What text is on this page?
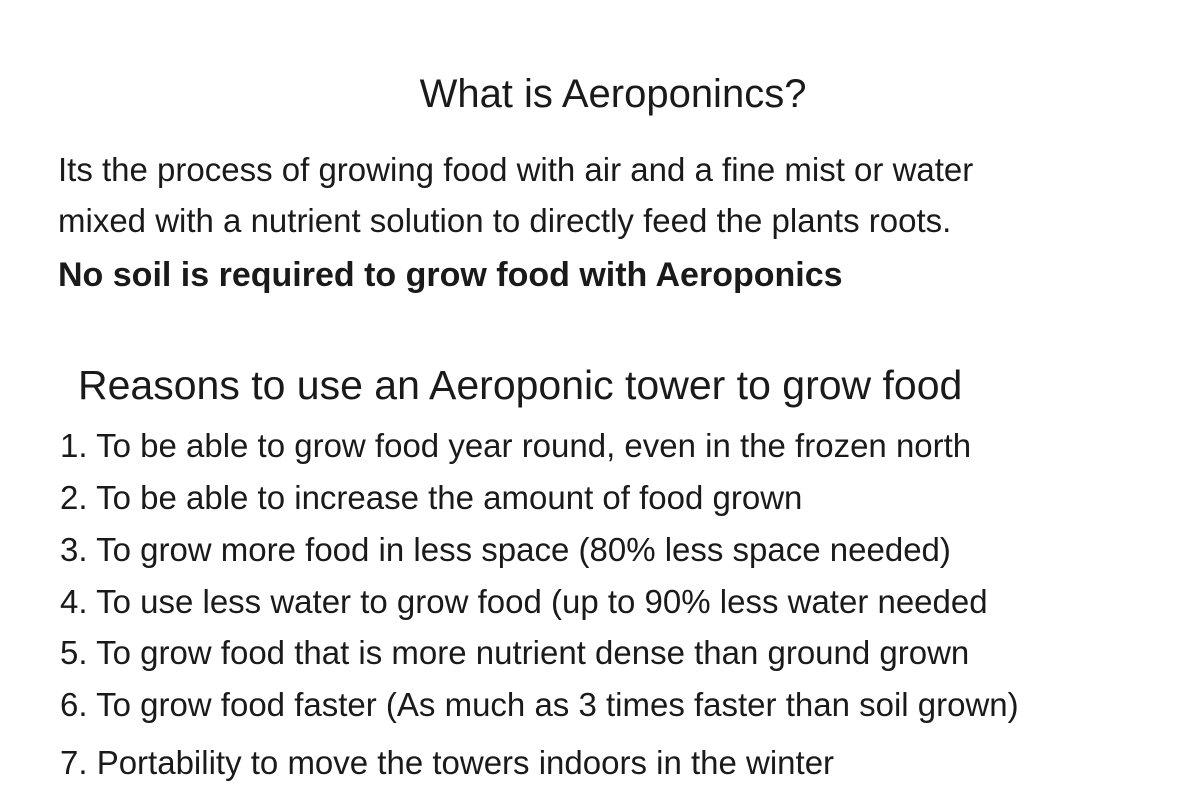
What is Aeroponincs?
Its the process of growing food with air and a fine mist or water
mixed with a nutrient solution to directly feed the plants roots.
No soil is required to grow food with Aeroponics
Reasons to use an Aeroponic tower to grow food
1. To be able to grow food year round, even in the frozen north
2. To be able to increase the amount of food grown
3. To grow more food in less space (80% less space needed)
4. To use less water to grow food (up to 90% less water needed
5. To grow food that is more nutrient dense than ground grown
6. To grow food faster (As much as 3 times faster than soil grown)
7. Portability to move the towers indoors in the winter
